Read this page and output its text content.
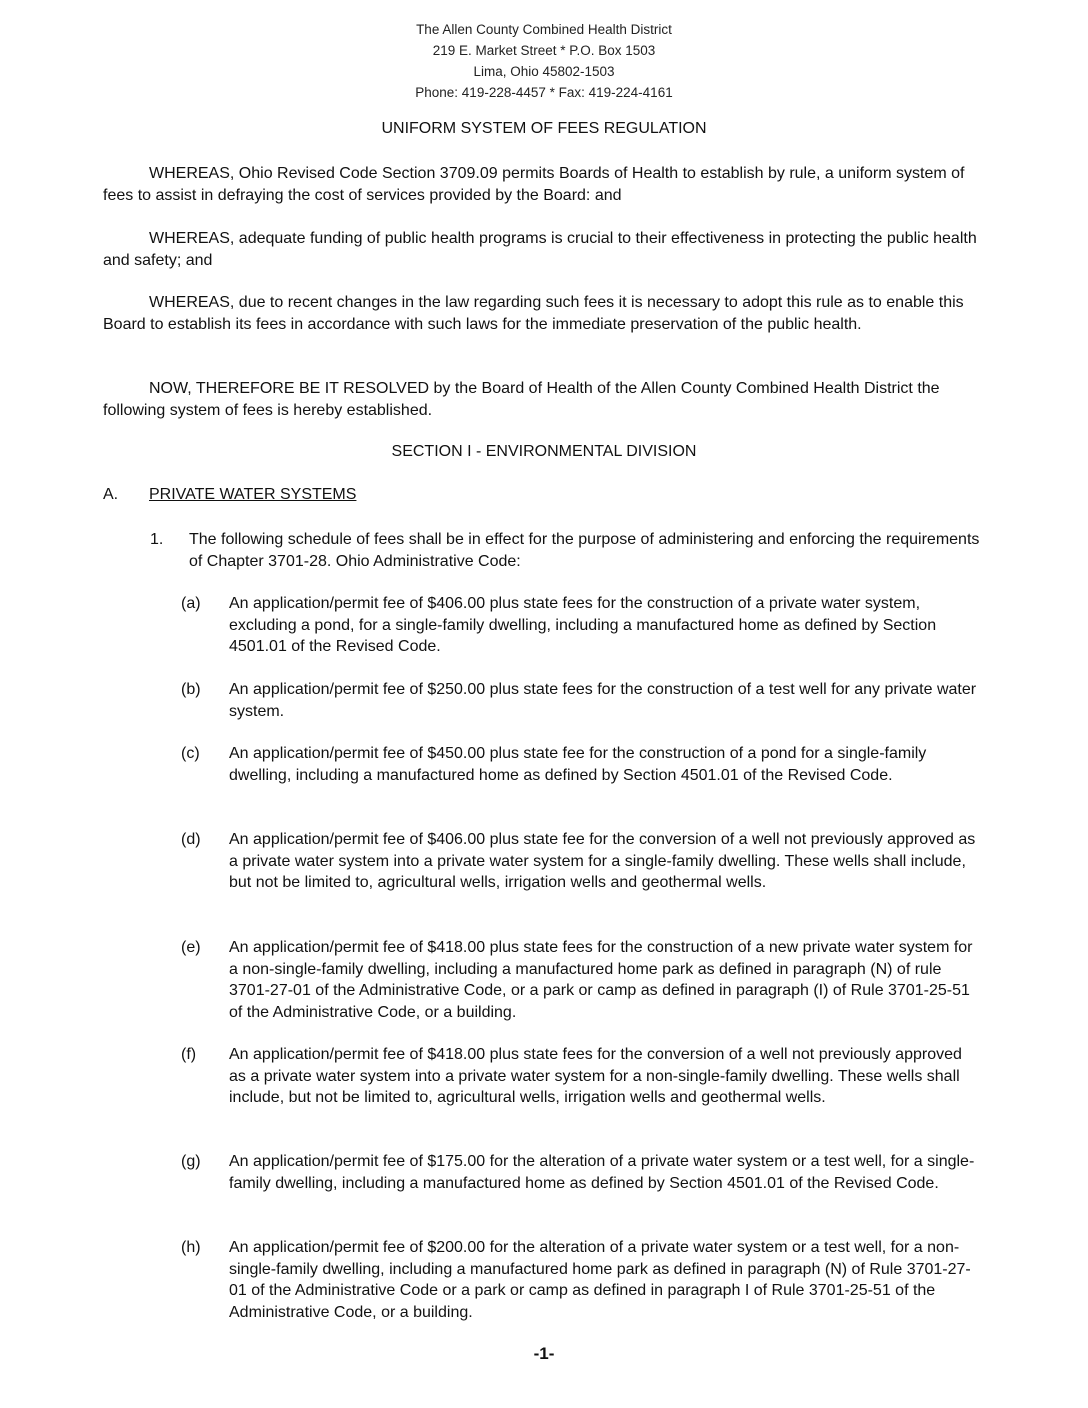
The Allen County Combined Health District
219 E. Market Street * P.O. Box 1503
Lima, Ohio 45802-1503
Phone: 419-228-4457 * Fax: 419-224-4161
UNIFORM SYSTEM OF FEES REGULATION
WHEREAS, Ohio Revised Code Section 3709.09 permits Boards of Health to establish by rule, a uniform system of fees to assist in defraying the cost of services provided by the Board: and
WHEREAS, adequate funding of public health programs is crucial to their effectiveness in protecting the public health and safety; and
WHEREAS, due to recent changes in the law regarding such fees it is necessary to adopt this rule as to enable this Board to establish its fees in accordance with such laws for the immediate preservation of the public health.
NOW, THEREFORE BE IT RESOLVED by the Board of Health of the Allen County Combined Health District the following system of fees is hereby established.
SECTION I - ENVIRONMENTAL DIVISION
A. PRIVATE WATER SYSTEMS
1. The following schedule of fees shall be in effect for the purpose of administering and enforcing the requirements of Chapter 3701-28. Ohio Administrative Code:
(a) An application/permit fee of $406.00 plus state fees for the construction of a private water system, excluding a pond, for a single-family dwelling, including a manufactured home as defined by Section 4501.01 of the Revised Code.
(b) An application/permit fee of $250.00 plus state fees for the construction of a test well for any private water system.
(c) An application/permit fee of $450.00 plus state fee for the construction of a pond for a single-family dwelling, including a manufactured home as defined by Section 4501.01 of the Revised Code.
(d) An application/permit fee of $406.00 plus state fee for the conversion of a well not previously approved as a private water system into a private water system for a single-family dwelling. These wells shall include, but not be limited to, agricultural wells, irrigation wells and geothermal wells.
(e) An application/permit fee of $418.00 plus state fees for the construction of a new private water system for a non-single-family dwelling, including a manufactured home park as defined in paragraph (N) of rule 3701-27-01 of the Administrative Code, or a park or camp as defined in paragraph (I) of Rule 3701-25-51 of the Administrative Code, or a building.
(f) An application/permit fee of $418.00 plus state fees for the conversion of a well not previously approved as a private water system into a private water system for a non-single-family dwelling. These wells shall include, but not be limited to, agricultural wells, irrigation wells and geothermal wells.
(g) An application/permit fee of $175.00 for the alteration of a private water system or a test well, for a single-family dwelling, including a manufactured home as defined by Section 4501.01 of the Revised Code.
(h) An application/permit fee of $200.00 for the alteration of a private water system or a test well, for a non-single-family dwelling, including a manufactured home park as defined in paragraph (N) of Rule 3701-27-01 of the Administrative Code or a park or camp as defined in paragraph I of Rule 3701-25-51 of the Administrative Code, or a building.
-1-
